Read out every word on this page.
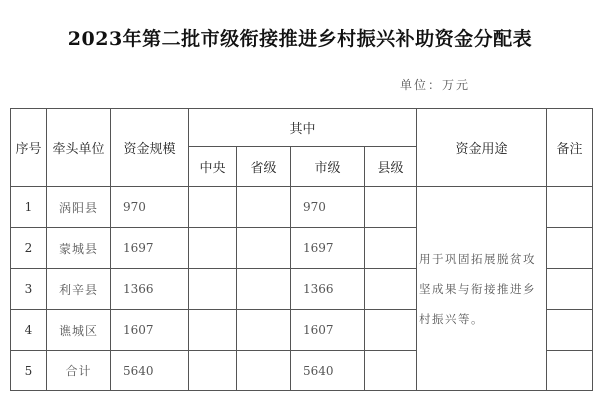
2023年第二批市级衔接推进乡村振兴补助资金分配表
单位：万元
序号	牵头单位	资金规模	其中				资金用途	备注
			中央	省级	市级	县级		
1	涡阳县	970			970		用于巩固拓展脱贫攻
坚成果与衔接推进乡
村振兴等。	

2	蒙城县	1697			1697			
3	利辛县	1366			1366			
4	谯城区	1607			1607			
5	合计	5640			5640			
